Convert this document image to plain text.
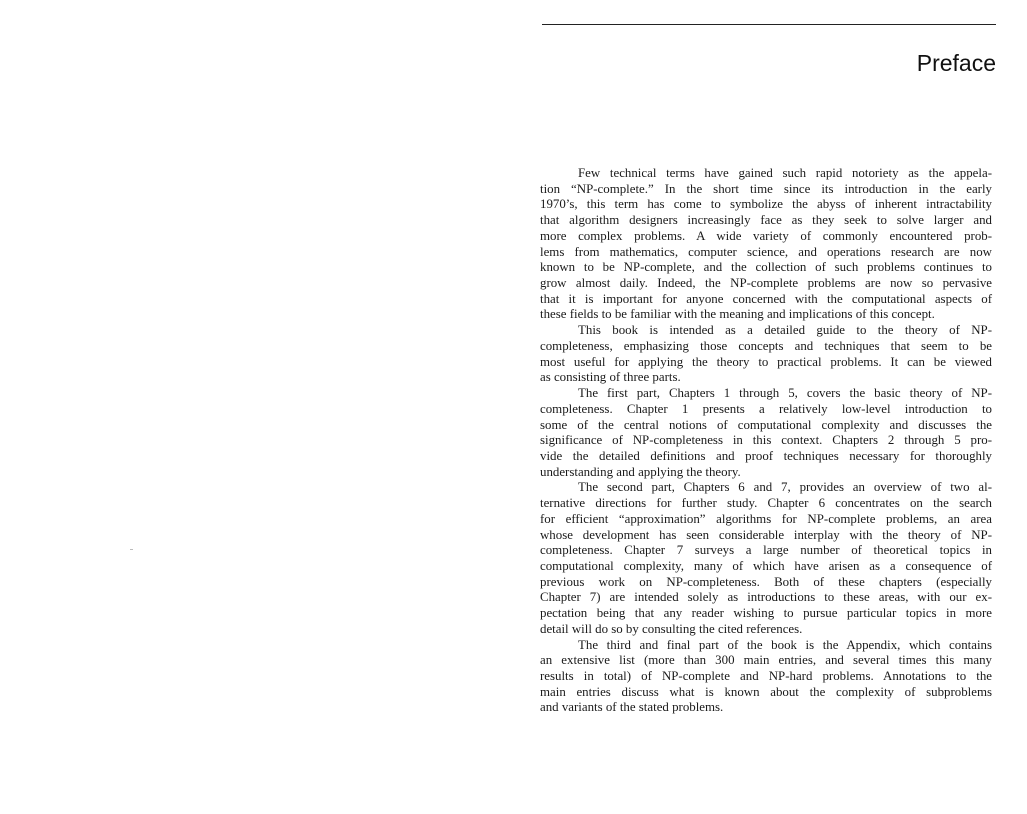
Preface
Few technical terms have gained such rapid notoriety as the appela-
tion “NP-complete.” In the short time since its introduction in the early
1970’s, this term has come to symbolize the abyss of inherent intractability
that algorithm designers increasingly face as they seek to solve larger and
more complex problems. A wide variety of commonly encountered prob-
lems from mathematics, computer science, and operations research are now
known to be NP-complete, and the collection of such problems continues to
grow almost daily. Indeed, the NP-complete problems are now so pervasive
that it is important for anyone concerned with the computational aspects of
these fields to be familiar with the meaning and implications of this concept.
This book is intended as a detailed guide to the theory of NP-
completeness, emphasizing those concepts and techniques that seem to be
most useful for applying the theory to practical problems. It can be viewed
as consisting of three parts.
The first part, Chapters 1 through 5, covers the basic theory of NP-
completeness. Chapter 1 presents a relatively low-level introduction to
some of the central notions of computational complexity and discusses the
significance of NP-completeness in this context. Chapters 2 through 5 pro-
vide the detailed definitions and proof techniques necessary for thoroughly
understanding and applying the theory.
The second part, Chapters 6 and 7, provides an overview of two al-
ternative directions for further study. Chapter 6 concentrates on the search
for efficient “approximation” algorithms for NP-complete problems, an area
whose development has seen considerable interplay with the theory of NP-
completeness. Chapter 7 surveys a large number of theoretical topics in
computational complexity, many of which have arisen as a consequence of
previous work on NP-completeness. Both of these chapters (especially
Chapter 7) are intended solely as introductions to these areas, with our ex-
pectation being that any reader wishing to pursue particular topics in more
detail will do so by consulting the cited references.
The third and final part of the book is the Appendix, which contains
an extensive list (more than 300 main entries, and several times this many
results in total) of NP-complete and NP-hard problems. Annotations to the
main entries discuss what is known about the complexity of subproblems
and variants of the stated problems.
